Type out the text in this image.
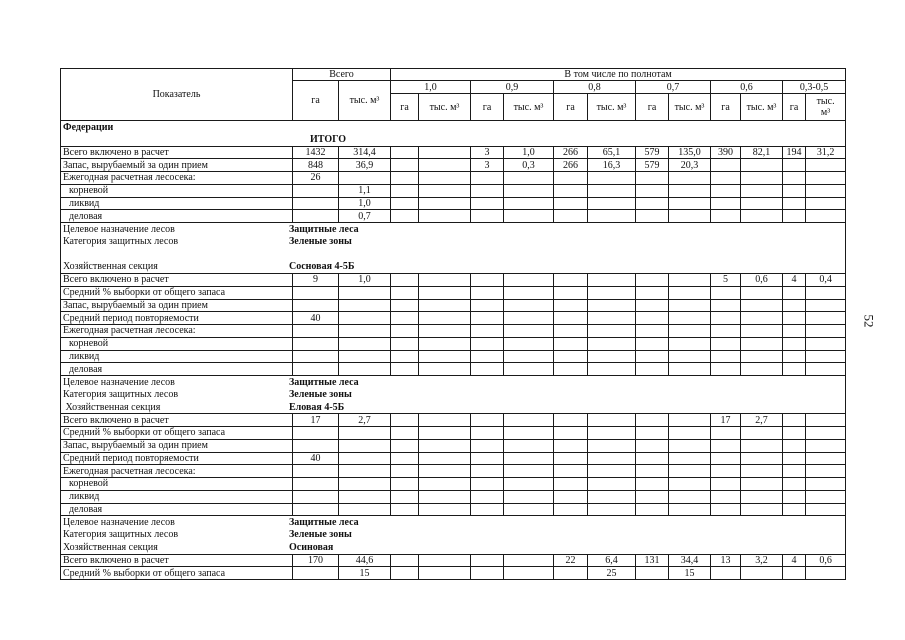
Показатель	Всего		В том числе по полнотам											
	га	тыс. м³	1,0		0,9		0,8		0,7		0,6		0,3-0,5	
			га	тыс. м³	га	тыс. м³	га	тыс. м³	га	тыс. м³	га	тыс. м³	га	тыс. м³
Федерации														
ИТОГО														
Всего включено в расчет	1432	314,4			3	1,0	266	65,1	579	135,0	390	82,1	194	31,2
Запас, вырубаемый за один прием	848	36,9			3	0,3	266	16,3	579	20,3				
Ежегодная расчетная лесосека:	26													
корневой		1,1												
ликвид		1,0												
деловая		0,7												
Целевое назначение лесов Защитные леса														
Категория защитных лесов Зеленые зоны														

Хозяйственная секция Сосновая 4-5Б														
Всего включено в расчет	9	1,0									5	0,6	4	0,4
Средний % выборки от общего запаса														
Запас, вырубаемый за один прием														
Средний период повторяемости	40													
Ежегодная расчетная лесосека:														
корневой														
ликвид														
деловая														
Целевое назначение лесов Защитные леса														
Категория защитных лесов Зеленые зоны														
Хозяйственная секция Еловая 4-5Б														
Всего включено в расчет	17	2,7									17	2,7		
Средний % выборки от общего запаса														
Запас, вырубаемый за один прием														
Средний период повторяемости	40													
Ежегодная расчетная лесосека:														
корневой														
ликвид														
деловая														
Целевое назначение лесов Защитные леса														
Категория защитных лесов Зеленые зоны														
Хозяйственная секция Осиновая														
Всего включено в расчет	170	44,6					22	6,4	131	34,4	13	3,2	4	0,6
Средний % выборки от общего запаса		15						25		15				
52
